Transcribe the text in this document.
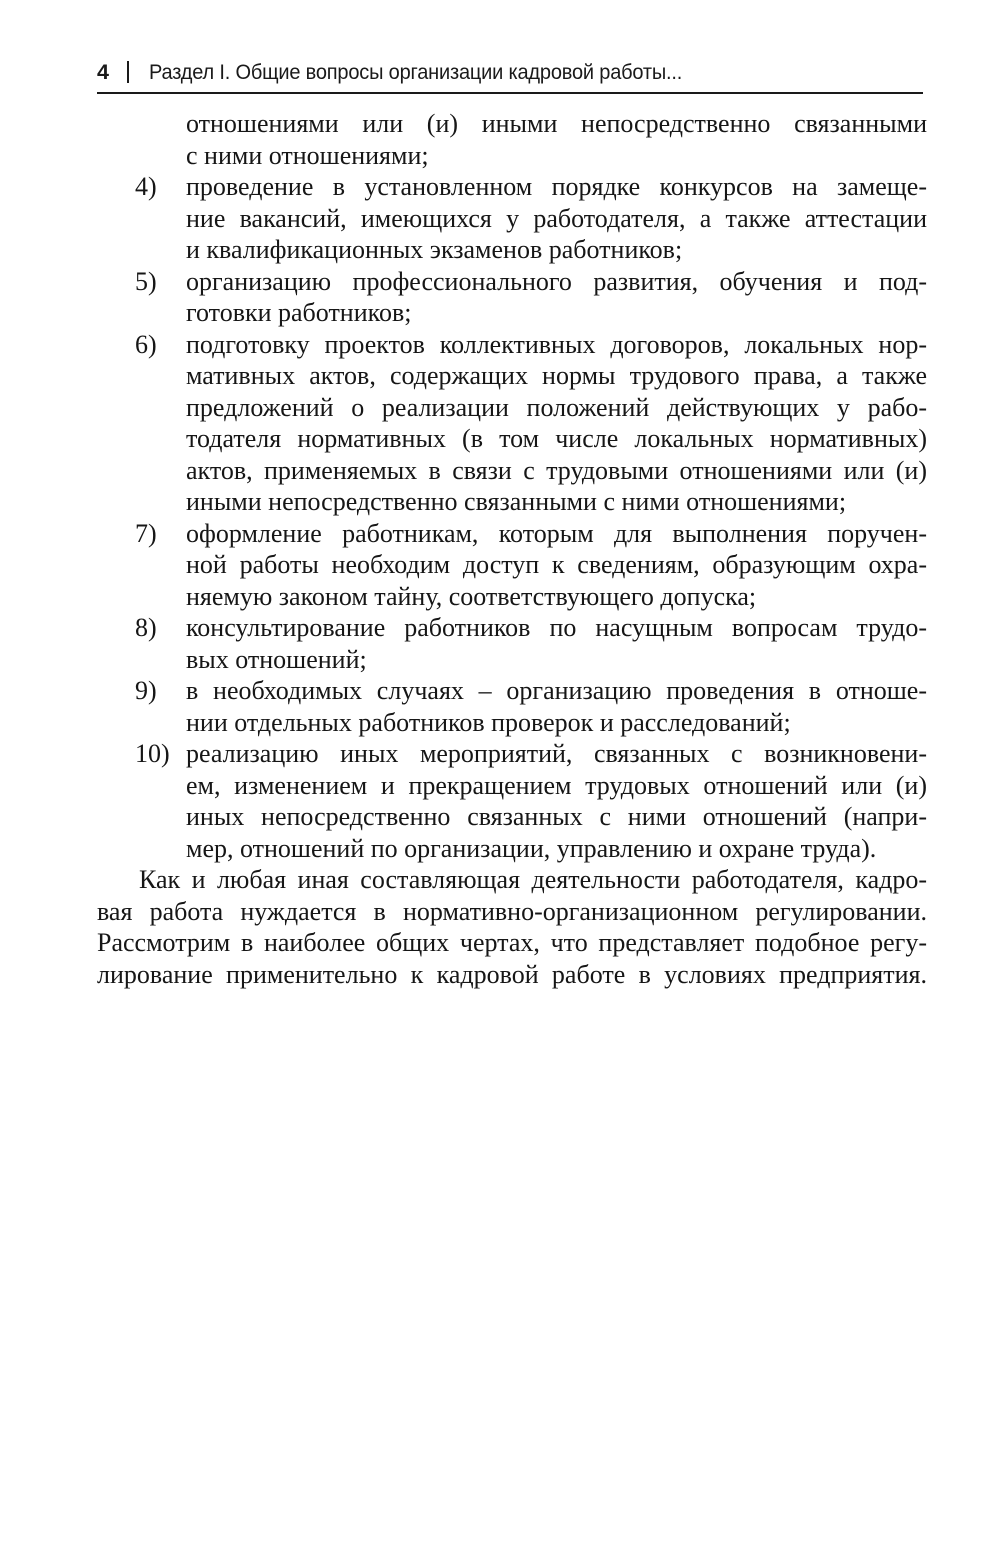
4	Раздел I. Общие вопросы организации кадровой работы...
отношениями или (и) иными непосредственно связанными
с ними отношениями;
4)	проведение в установленном порядке конкурсов на замеще-
ние вакансий, имеющихся у работодателя, а также аттестации
и квалификационных экзаменов работников;
5)	организацию профессионального развития, обучения и под-
готовки работников;
6)	подготовку проектов коллективных договоров, локальных нор-
мативных актов, содержащих нормы трудового права, а также
предложений о реализации положений действующих у рабо-
тодателя нормативных (в том числе локальных нормативных)
актов, применяемых в связи с трудовыми отношениями или (и)
иными непосредственно связанными с ними отношениями;
7)	оформление работникам, которым для выполнения поручен-
ной работы необходим доступ к сведениям, образующим охра-
няемую законом тайну, соответствующего допуска;
8)	консультирование работников по насущным вопросам трудо-
вых отношений;
9)	в необходимых случаях – организацию проведения в отноше-
нии отдельных работников проверок и расследований;
10) реализацию иных мероприятий, связанных с возникновени-
ем, изменением и прекращением трудовых отношений или (и)
иных непосредственно связанных с ними отношений (напри-
мер, отношений по организации, управлению и охране труда).
Как и любая иная составляющая деятельности работодателя, кадро-
вая работа нуждается в нормативно-организационном регулировании.
Рассмотрим в наиболее общих чертах, что представляет подобное регу-
лирование применительно к кадровой работе в условиях предприятия.
